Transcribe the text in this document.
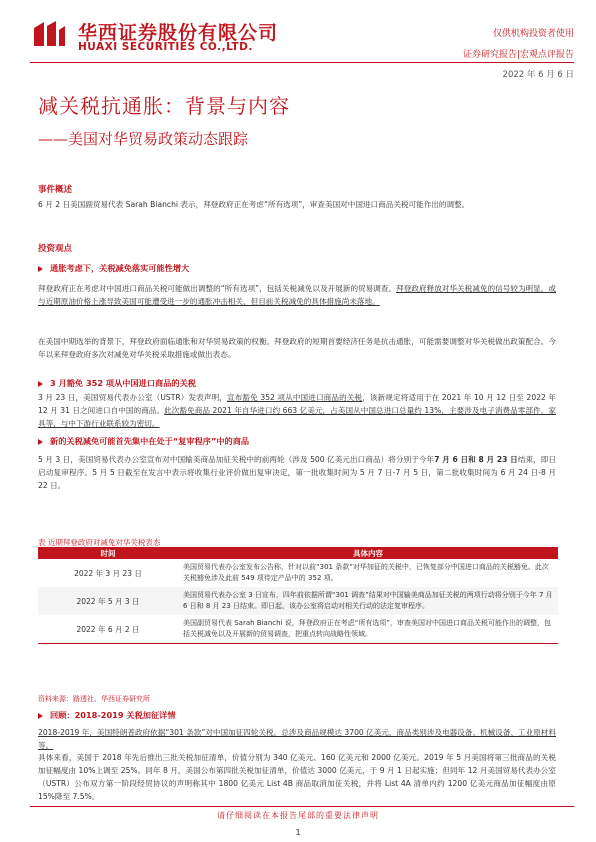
华西证券股份有限公司
HUAXI SECURITIES CO.,LTD.
仅供机构投资者使用
证券研究报告|宏观点评报告
2022 年 6 月 6 日
减关税抗通胀：背景与内容
——美国对华贸易政策动态跟踪
事件概述
6 月 2 日美国副贸易代表 Sarah Bianchi 表示，拜登政府正在考虑“所有选项”，审查美国对中国进口商品关税可能作出的调整。
投资观点
通胀考虑下，关税减免落实可能性增大
拜登政府正在考虑对中国进口商品关税可能做出调整的“所有选项”，包括关税减免以及开展新的贸易调查。拜登政府释放对华关税减免的信号较为明显，或与近期原油价格上涨导致美国可能遭受进一步的通胀冲击相关，但目前关税减免的具体措施尚未落地。
在美国中期选举的背景下，拜登政府面临通胀和对华贸易政策的权衡。拜登政府的短期首要经济任务是抗击通胀，可能需要调整对华关税做出政策配合。今年以来拜登政府多次对减免对华关税采取措施或做出表态。
3 月豁免 352 项从中国进口商品的关税
3 月 23 日，美国贸易代表办公室（USTR）发表声明，宣布豁免 352 项从中国进口商品的关税，该新规定将适用于在 2021 年 10 月 12 日至 2022 年 12 月 31 日之间进口自中国的商品。此次豁免商品 2021 年自华进口约 663 亿美元，占美国从中国总进口总量约 13%，主要涉及电子消费品零部件，家具等，与中下游行业联系较为密切。
新的关税减免可能首先集中在处于“复审程序”中的商品
5 月 3 日，美国贸易代表办公室宣布对中国输美商品加征关税中的前两轮（涉及 500 亿美元出口商品）将分别于今年7 月 6 日和 8 月 23 日结束，即日启动复审程序。5 月 5 日截至在发言中表示将收集行业评价做出复审决定，第一批收集时间为 5 月 7 日-7 月 5 日，第二批收集时间为 6 月 24 日-8 月 22 日。
表 近期拜登政府对减免对华关税表态
时间	具体内容
2022 年 3 月 23 日	美国贸易代表办公室发布公告称，针对以前“301 条款”对华加征的关税中，已恢复部分中国进口商品的关税豁免。此次关税豁免涉及此前 549 项待定产品中的 352 项。
2022 年 5 月 3 日	美国贸易代表办公室 3 日宣布，四年前依据所谓“301 调查”结果对中国输美商品加征关税的两项行动将分别于今年 7 月 6 日和 8 月 23 日结束。即日起，该办公室将启动对相关行动的法定复审程序。
2022 年 6 月 2 日	美国副贸易代表 Sarah Bianchi 说，拜登政府正在考虑“所有选项”，审查美国对中国进口商品关税可能作出的调整，包括关税减免以及开展新的贸易调查，把重点转向战略性领域。
资料来源：路透社、华西证券研究所
回顾：2018-2019 关税加征详情
2018-2019 年，美国特朗普政府依据“301 条款”对中国加征四轮关税，总涉及商品规模达 3700 亿美元，商品类别涉及电器设备、机械设备、工业原材料等。
具体来看，美国于 2018 年先后推出三批关税加征清单，价值分别为 340 亿美元、160 亿美元和 2000 亿美元。2019 年 5 月美国将第三批商品的关税加征幅度由 10%上调至 25%。同年 8 月，美国公布第四批关税加征清单，价值达 3000 亿美元，于 9 月 1 日起实施；但同年 12 月美国贸易代表办公室（USTR）公布双方第一阶段经贸协议的声明称其中 1800 亿美元 List 4B 商品取消加征关税，并将 List 4A 清单内约 1200 亿美元商品加征幅度由原 15%降至 7.5%。
请仔细阅读在本报告尾部的重要法律声明
1
